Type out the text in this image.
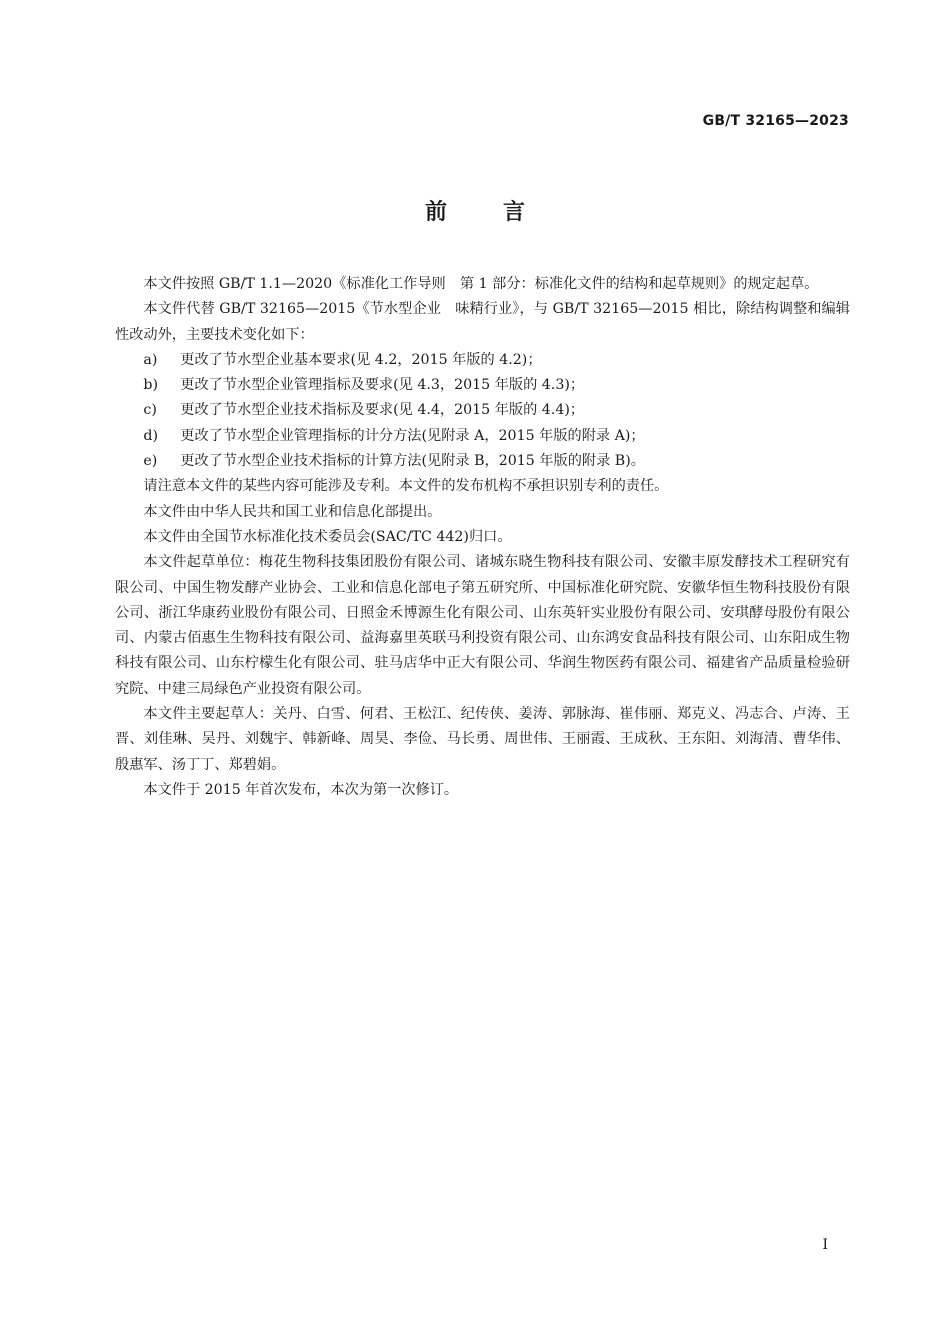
GB/T 32165—2023
前言

本文件按照 GB/T 1.1—2020《标准化工作导则　第 1 部分：标准化文件的结构和起草规则》的规定起草。

本文件代替 GB/T 32165—2015《节水型企业　味精行业》，与 GB/T 32165—2015 相比，除结构调整和编辑性改动外，主要技术变化如下：

a) 更改了节水型企业基本要求(见 4.2，2015 年版的 4.2)；

b) 更改了节水型企业管理指标及要求(见 4.3，2015 年版的 4.3)；

c) 更改了节水型企业技术指标及要求(见 4.4，2015 年版的 4.4)；

d) 更改了节水型企业管理指标的计分方法(见附录 A，2015 年版的附录 A)；

e) 更改了节水型企业技术指标的计算方法(见附录 B，2015 年版的附录 B)。

请注意本文件的某些内容可能涉及专利。本文件的发布机构不承担识别专利的责任。

本文件由中华人民共和国工业和信息化部提出。

本文件由全国节水标准化技术委员会(SAC/TC 442)归口。

本文件起草单位：梅花生物科技集团股份有限公司、诸城东晓生物科技有限公司、安徽丰原发酵技术工程研究有限公司、中国生物发酵产业协会、工业和信息化部电子第五研究所、中国标准化研究院、安徽华恒生物科技股份有限公司、浙江华康药业股份有限公司、日照金禾博源生化有限公司、山东英轩实业股份有限公司、安琪酵母股份有限公司、内蒙古佰惠生生物科技有限公司、益海嘉里英联马利投资有限公司、山东鸿安食品科技有限公司、山东阳成生物科技有限公司、山东柠檬生化有限公司、驻马店华中正大有限公司、华润生物医药有限公司、福建省产品质量检验研究院、中建三局绿色产业投资有限公司。

本文件主要起草人：关丹、白雪、何君、王松江、纪传侠、姜涛、郭脉海、崔伟丽、郑克义、冯志合、卢涛、王晋、刘佳琳、吴丹、刘魏宇、韩新峰、周昊、李俭、马长勇、周世伟、王丽霞、王成秋、王东阳、刘海清、曹华伟、殷惠军、汤丁丁、郑碧娟。

本文件于 2015 年首次发布，本次为第一次修订。

I
